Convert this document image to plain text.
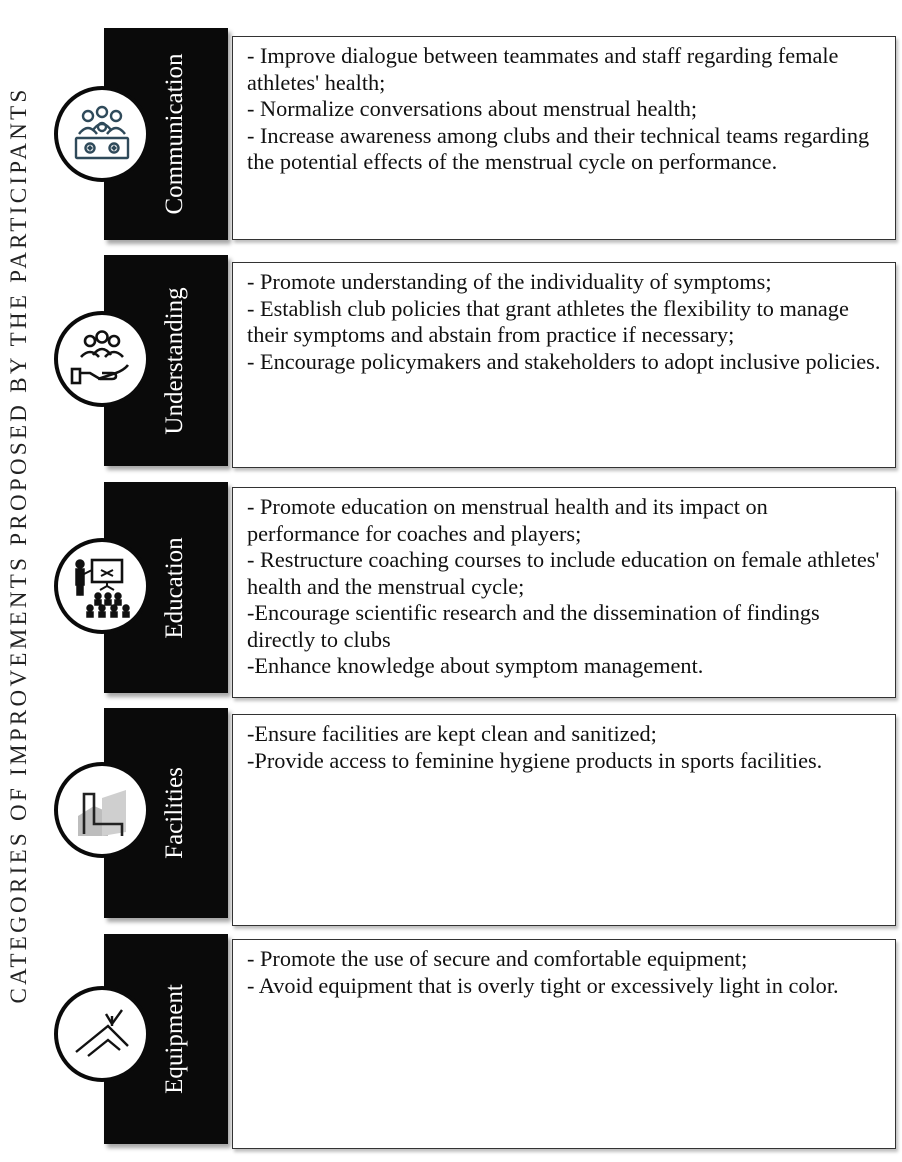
CATEGORIES OF IMPROVEMENTS PROPOSED BY THE PARTICIPANTS	Communication	- Improve dialogue between teammates and staff regarding female athletes' health;

- Normalize conversations about menstrual health;

- Increase awareness among clubs and their technical teams regarding the potential effects of the menstrual cycle on performance.

Understanding

- Promote understanding of the individuality of symptoms;

- Establish club policies that grant athletes the flexibility to manage their symptoms and abstain from practice if necessary;

- Encourage policymakers and stakeholders to adopt inclusive policies.

Education

- Promote education on menstrual health and its impact on performance for coaches and players;

- Restructure coaching courses to include education on female athletes' health and the menstrual cycle;

-Encourage scientific research and the dissemination of findings directly to clubs

-Enhance knowledge about symptom management.

Facilities

-Ensure facilities are kept clean and sanitized;

-Provide access to feminine hygiene products in sports facilities.

Equipment

- Promote the use of secure and comfortable equipment;

- Avoid equipment that is overly tight or excessively light in color.
